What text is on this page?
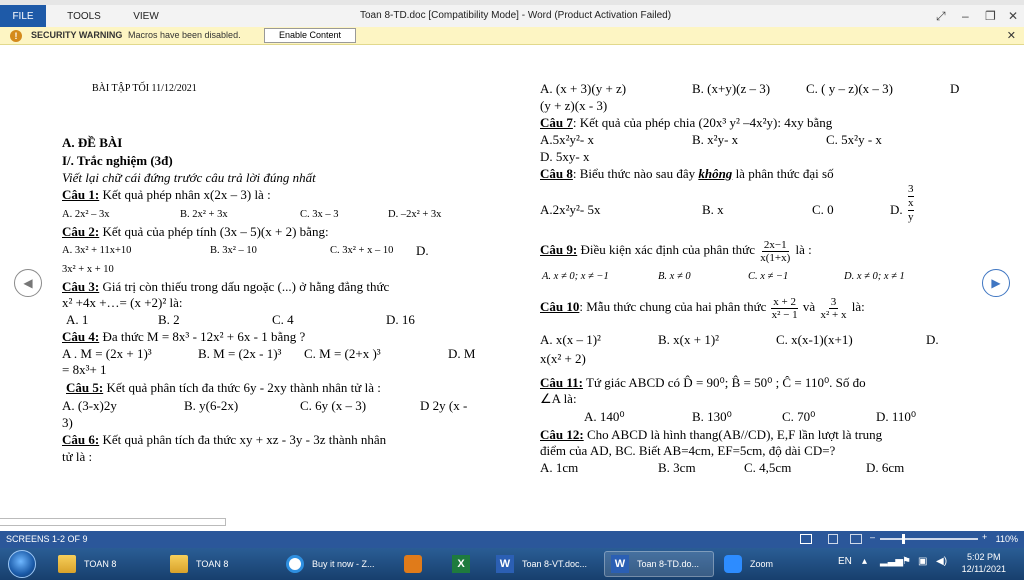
FILE	TOOLS	VIEW	Toan 8-TD.doc [Compatibility Mode] - Word (Product Activation Failed)	⤢ – ❐ ✕
!	SECURITY WARNING Macros have been disabled.	Enable Content	✕
◀	▶
BÀI TẬP TỐI 11/12/2021
A. ĐỀ BÀI
I/. Trắc nghiệm (3đ)
Viết lại chữ cái đứng trước câu trả lời đúng nhất
Câu 1: Kết quả phép nhân x(2x – 3) là :
A. 2x² – 3x	B. 2x² + 3x	C. 3x – 3	D. –2x² + 3x
Câu 2: Kết quả của phép tính (3x – 5)(x + 2) bằng:
A. 3x² + 11x+10	B. 3x² – 10	C. 3x² + x – 10 D.
3x² + x + 10
Câu 3: Giá trị còn thiếu trong dấu ngoặc (...) ở hằng đẳng thức
x² +4x +…= (x +2)² là:
A. 1	B. 2	C. 4	D. 16
Câu 4: Đa thức M = 8x³ - 12x² + 6x - 1 bằng ?
A . M = (2x + 1)³	B. M = (2x - 1)³ C. M = (2+x )³	D. M
= 8x³+ 1
Câu 5: Kết quả phân tích đa thức 6y - 2xy thành nhân tử là :
A. (3-x)2y	B. y(6-2x)	C. 6y (x – 3)	D 2y (x -
3)
Câu 6: Kết quả phân tích đa thức xy + xz - 3y - 3z thành nhân
tử là :
A. (x + 3)(y + z)	B. (x+y)(z – 3)	C. ( y – z)(x – 3)	D
(y + z)(x - 3)
Câu 7: Kết quả của phép chia (20x³ y² –4x²y): 4xy bằng
A.5x²y²- x	B. x²y- x	C. 5x²y - x
D. 5xy- x
Câu 8: Biểu thức nào sau đây không là phân thức đại số
A.2x²y²- 5x	B. x	C. 0	D.
3
x
y
Câu 9: Điều kiện xác định của phân thức $\frac{2x-1}{x(1+x)}$ là :
A. x ≠ 0; x ≠ −1	B. x ≠ 0	C. x ≠ −1	D. x ≠ 0; x ≠ 1
Câu 10: Mẫu thức chung của hai phân thức $\frac{x + 2}{\text{x² − 1}}$ và $\frac{3}{\text{x² + x}}$ là:
A. x(x – 1)²	B. x(x + 1)²	C. x(x-1)(x+1)	D.
x(x² + 2)
Câu 11: Tứ giác ABCD có D̂ = 90⁰; B̂ = 50⁰ ; Ĉ = 110⁰. Số đo
∠A là:
A. 140⁰	B. 130⁰	C. 70⁰	D. 110⁰
Câu 12: Cho ABCD là hình thang(AB//CD), E,F lần lượt là trung
điểm của AD, BC. Biết AB=4cm, EF=5cm, độ dài CD=?
A. 1cm	B. 3cm	C. 4,5cm	D. 6cm
SCREENS 1-2 OF 9	–	+ 110%
TOAN 8	TOAN 8	Buy it now - Z...	X	W	Toan 8-VT.doc...	W	Toan 8-TD.do...	Zoom	EN ▴ ▂▃▅
⚑ ▣ ◀)	5:02 PM
12/11/2021
